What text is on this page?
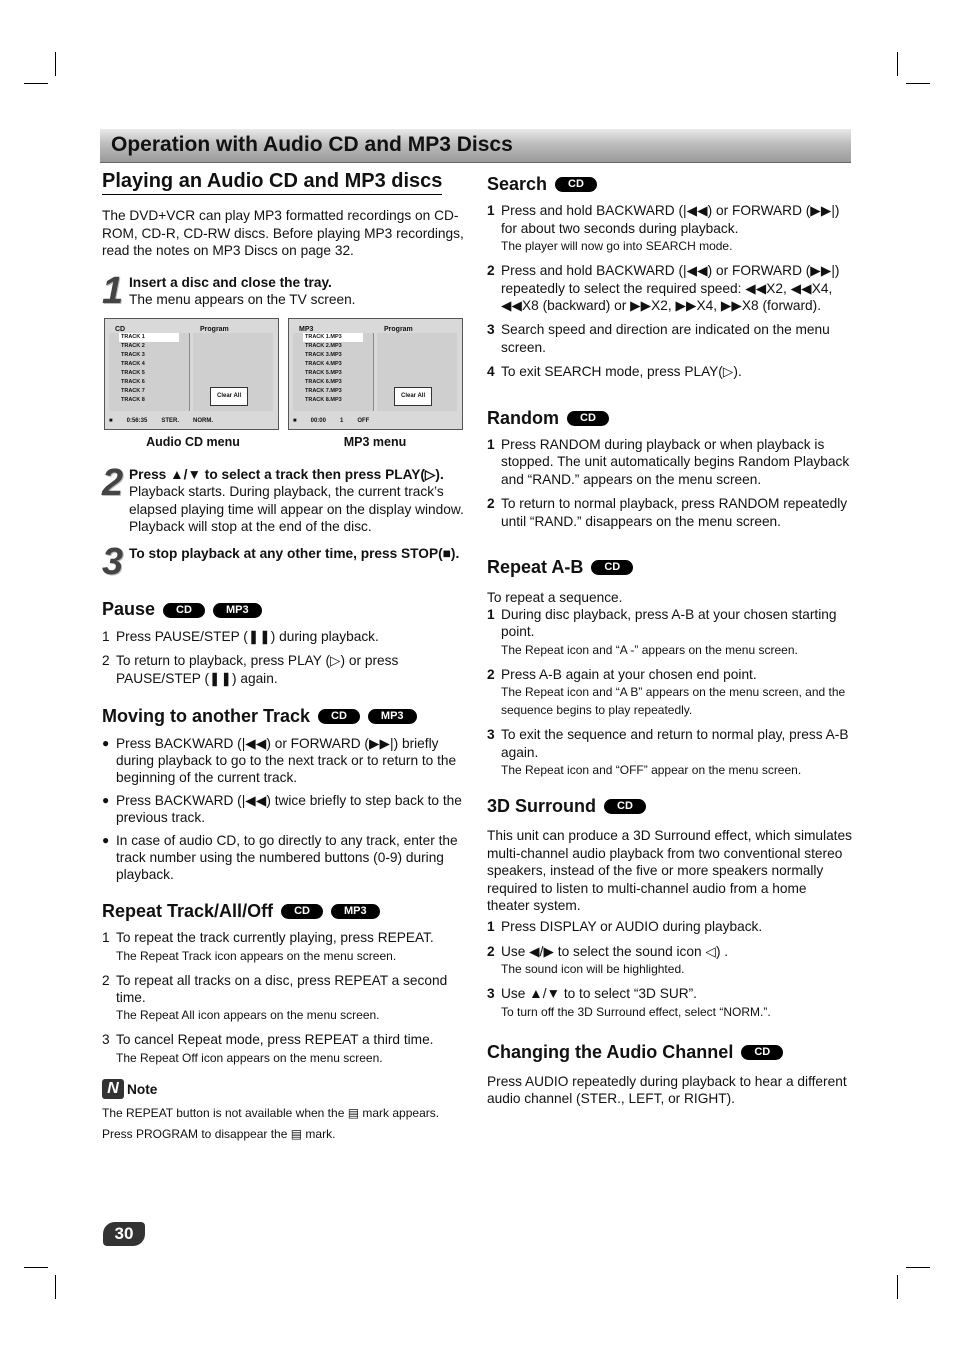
Operation with Audio CD and MP3 Discs
Playing an Audio CD and MP3 discs

The DVD+VCR can play MP3 formatted recordings on CD-ROM, CD-R, CD-RW discs. Before playing MP3 recordings, read the notes on MP3 Discs on page 32.

1 Insert a disc and close the tray.
The menu appears on the TV screen.
CD	Program
TRACK 1
TRACK 2
TRACK 3
TRACK 4
TRACK 5
TRACK 6
TRACK 7
TRACK 8
Clear All
■ 0:56:35 STER. NORM.
MP3	Program
TRACK 1.MP3
TRACK 2.MP3
TRACK 3.MP3
TRACK 4.MP3
TRACK 5.MP3
TRACK 6.MP3
TRACK 7.MP3
TRACK 8.MP3
Clear All
■ 00:00 1 OFF
Audio CD menu	MP3 menu
2 Press ▲/▼ to select a track then press PLAY(▷).
Playback starts. During playback, the current track’s elapsed playing time will appear on the display window. Playback will stop at the end of the disc.
3 To stop playback at any other time, press STOP(■).
Pause	CD	MP3
1 Press PAUSE/STEP (❚❚) during playback.
2 To return to playback, press PLAY (▷) or press PAUSE/STEP (❚❚) again.
Moving to another Track	CD	MP3
● Press BACKWARD (|◀◀) or FORWARD (▶▶|) briefly during playback to go to the next track or to return to the beginning of the current track.
● Press BACKWARD (|◀◀) twice briefly to step back to the previous track.
● In case of audio CD, to go directly to any track, enter the track number using the numbered buttons (0-9) during playback.
Repeat Track/All/Off	CD	MP3
1 To repeat the track currently playing, press REPEAT.
The Repeat Track icon appears on the menu screen.
2 To repeat all tracks on a disc, press REPEAT a second time.
The Repeat All icon appears on the menu screen.
3 To cancel Repeat mode, press REPEAT a third time.
The Repeat Off icon appears on the menu screen.
N Note
The REPEAT button is not available when the ▤ mark appears. Press PROGRAM to disappear the ▤ mark.
Search	CD
1 Press and hold BACKWARD (|◀◀) or FORWARD (▶▶|) for about two seconds during playback.
The player will now go into SEARCH mode.
2 Press and hold BACKWARD (|◀◀) or FORWARD (▶▶|) repeatedly to select the required speed: ◀◀X2, ◀◀X4, ◀◀X8 (backward) or ▶▶X2, ▶▶X4, ▶▶X8 (forward).
3 Search speed and direction are indicated on the menu screen.
4 To exit SEARCH mode, press PLAY(▷).
Random	CD
1 Press RANDOM during playback or when playback is stopped. The unit automatically begins Random Playback and “RAND.” appears on the menu screen.
2 To return to normal playback, press RANDOM repeatedly until “RAND.” disappears on the menu screen.
Repeat A-B	CD

To repeat a sequence.

1 During disc playback, press A-B at your chosen starting point.
The Repeat icon and “A -” appears on the menu screen.
2 Press A-B again at your chosen end point.
The Repeat icon and “A B” appears on the menu screen, and the sequence begins to play repeatedly.
3 To exit the sequence and return to normal play, press A-B again.
The Repeat icon and “OFF” appear on the menu screen.
3D Surround	CD

This unit can produce a 3D Surround effect, which simulates multi-channel audio playback from two conventional stereo speakers, instead of the five or more speakers normally required to listen to multi-channel audio from a home theater system.

1 Press DISPLAY or AUDIO during playback.
2 Use ◀/▶ to select the sound icon ◁) .
The sound icon will be highlighted.
3 Use ▲/▼ to to select “3D SUR”.
To turn off the 3D Surround effect, select “NORM.”.
Changing the Audio Channel	CD

Press AUDIO repeatedly during playback to hear a different audio channel (STER., LEFT, or RIGHT).

30
